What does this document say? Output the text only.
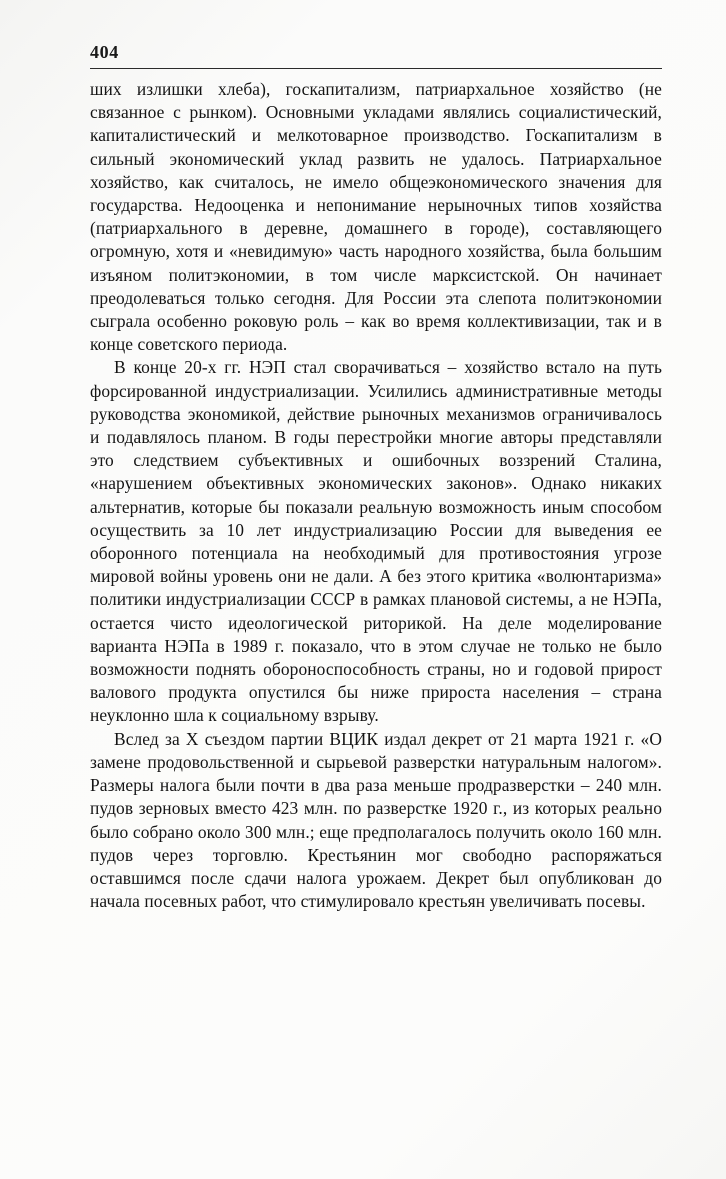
404

ших излишки хлеба), госкапитализм, патриархальное хозяйство (не связанное с рынком). Основными укладами являлись социалистический, капиталистический и мелкотоварное производство. Госкапитализм в сильный экономический уклад развить не удалось. Патриархальное хозяйство, как считалось, не имело общеэкономического значения для государства. Недооценка и непонимание нерыночных типов хозяйства (патриархального в деревне, домашнего в городе), составляющего огромную, хотя и «невидимую» часть народного хозяйства, была большим изъяном политэкономии, в том числе марксистской. Он начинает преодолеваться только сегодня. Для России эта слепота политэкономии сыграла особенно роковую роль – как во время коллективизации, так и в конце советского периода.

В конце 20-х гг. НЭП стал сворачиваться – хозяйство встало на путь форсированной индустриализации. Усилились административные методы руководства экономикой, действие рыночных механизмов ограничивалось и подавлялось планом. В годы перестройки многие авторы представляли это следствием субъективных и ошибочных воззрений Сталина, «нарушением объективных экономических законов». Однако никаких альтернатив, которые бы показали реальную возможность иным способом осуществить за 10 лет индустриализацию России для выведения ее оборонного потенциала на необходимый для противостояния угрозе мировой войны уровень они не дали. А без этого критика «волюнтаризма» политики индустриализации СССР в рамках плановой системы, а не НЭПа, остается чисто идеологической риторикой. На деле моделирование варианта НЭПа в 1989 г. показало, что в этом случае не только не было возможности поднять обороноспособность страны, но и годовой прирост валового продукта опустился бы ниже прироста населения – страна неуклонно шла к социальному взрыву.

Вслед за X съездом партии ВЦИК издал декрет от 21 марта 1921 г. «О замене продовольственной и сырьевой разверстки натуральным налогом». Размеры налога были почти в два раза меньше продразверстки – 240 млн. пудов зерновых вместо 423 млн. по разверстке 1920 г., из которых реально было собрано около 300 млн.; еще предполагалось получить около 160 млн. пудов через торговлю. Крестьянин мог свободно распоряжаться оставшимся после сдачи налога урожаем. Декрет был опубликован до начала посевных работ, что стимулировало крестьян увеличивать посевы.
